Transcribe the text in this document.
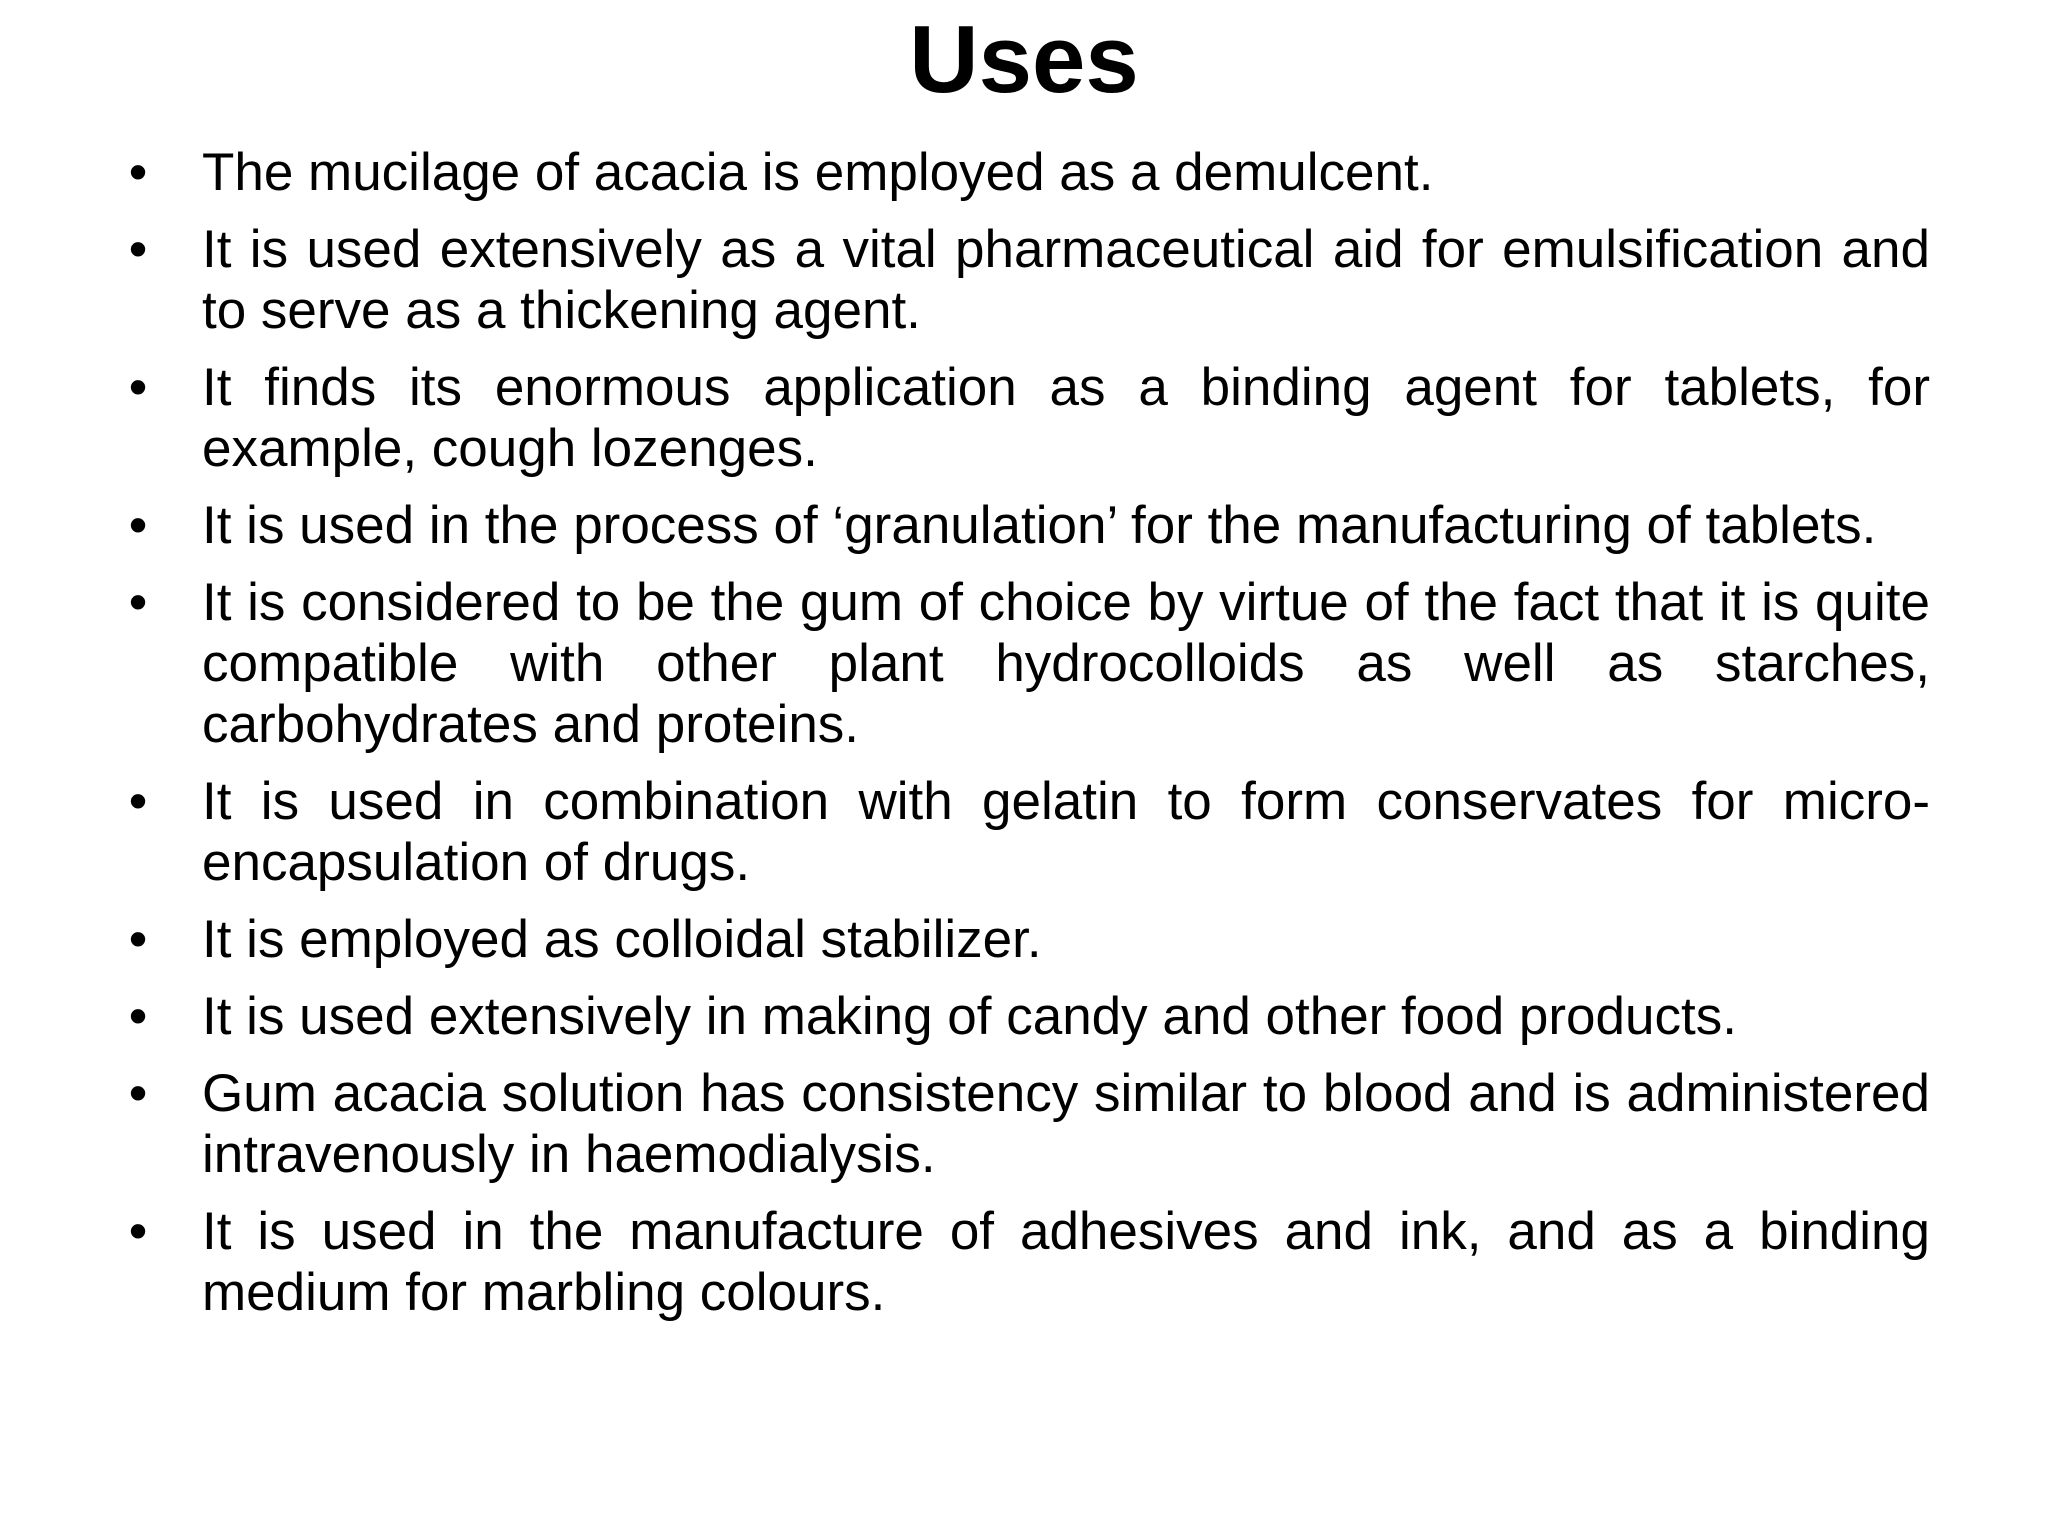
Uses
• The mucilage of acacia is employed as a demulcent.
• It is used extensively as a vital pharmaceutical aid for emulsification and to serve as a thickening agent.
• It finds its enormous application as a binding agent for tablets, for example, cough lozenges.
• It is used in the process of ‘granulation’ for the manufacturing of tablets.
• It is considered to be the gum of choice by virtue of the fact that it is quite compatible with other plant hydrocolloids as well as starches, carbohydrates and proteins.
• It is used in combination with gelatin to form conservates for micro-encapsulation of drugs.
• It is employed as colloidal stabilizer.
• It is used extensively in making of candy and other food products.
• Gum acacia solution has consistency similar to blood and is administered intravenously in haemodialysis.
• It is used in the manufacture of adhesives and ink, and as a binding medium for marbling colours.
